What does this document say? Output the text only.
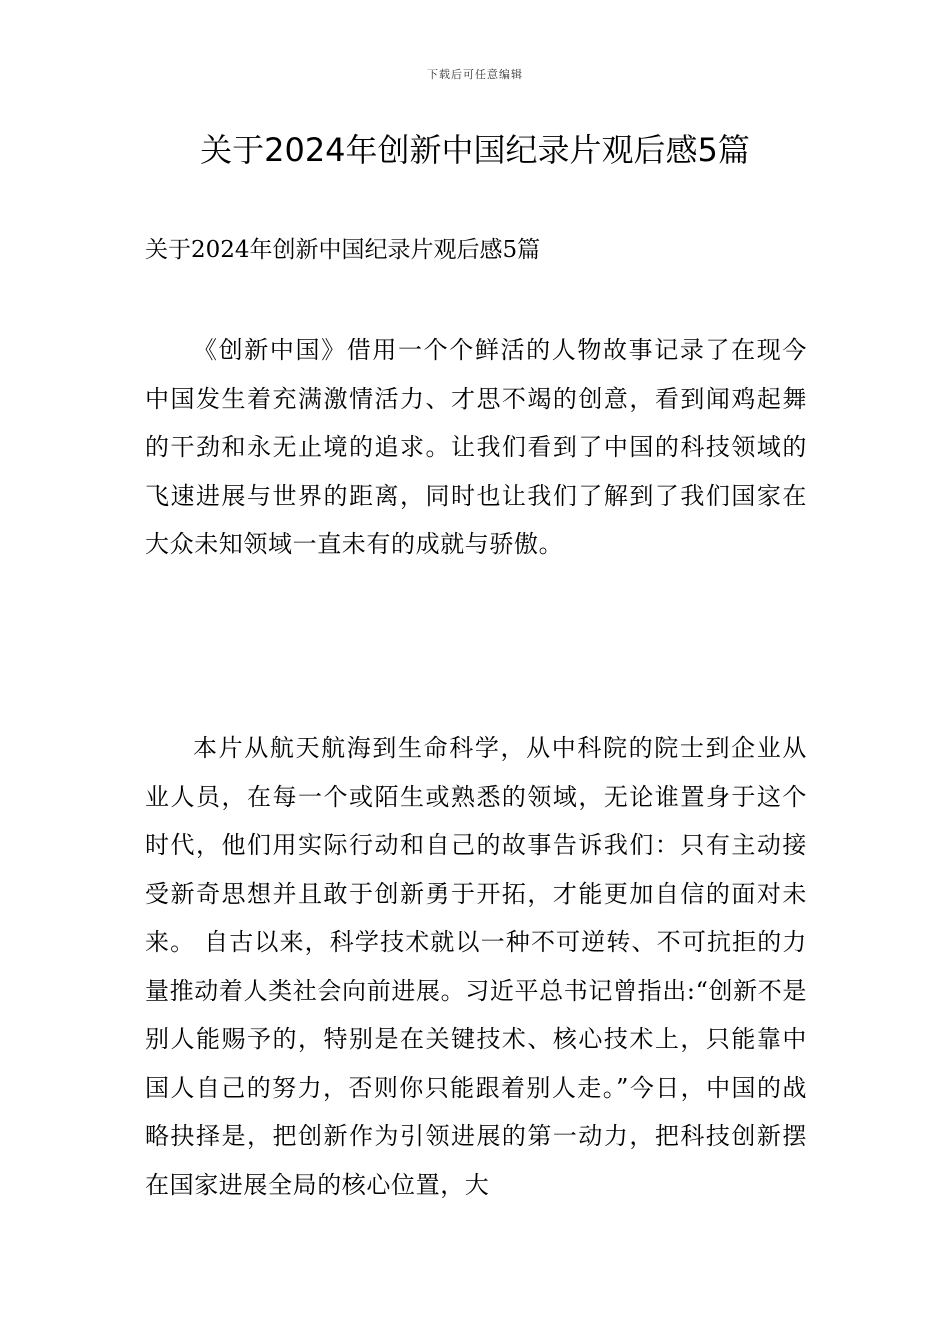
下载后可任意编辑
关于2024年创新中国纪录片观后感5篇

关于2024年创新中国纪录片观后感5篇

《创新中国》借用一个个鲜活的人物故事记录了在现今中国发生着充满激情活力、才思不竭的创意，看到闻鸡起舞的干劲和永无止境的追求。让我们看到了中国的科技领域的飞速进展与世界的距离，同时也让我们了解到了我们国家在大众未知领域一直未有的成就与骄傲。

本片从航天航海到生命科学，从中科院的院士到企业从业人员，在每一个或陌生或熟悉的领域，无论谁置身于这个时代，他们用实际行动和自己的故事告诉我们：只有主动接受新奇思想并且敢于创新勇于开拓，才能更加自信的面对未来。 自古以来，科学技术就以一种不可逆转、不可抗拒的力量推动着人类社会向前进展。习近平总书记曾指出:“创新不是别人能赐予的，特别是在关键技术、核心技术上，只能靠中国人自己的努力，否则你只能跟着别人走。”今日，中国的战略抉择是，把创新作为引领进展的第一动力，把科技创新摆在国家进展全局的核心位置，大
